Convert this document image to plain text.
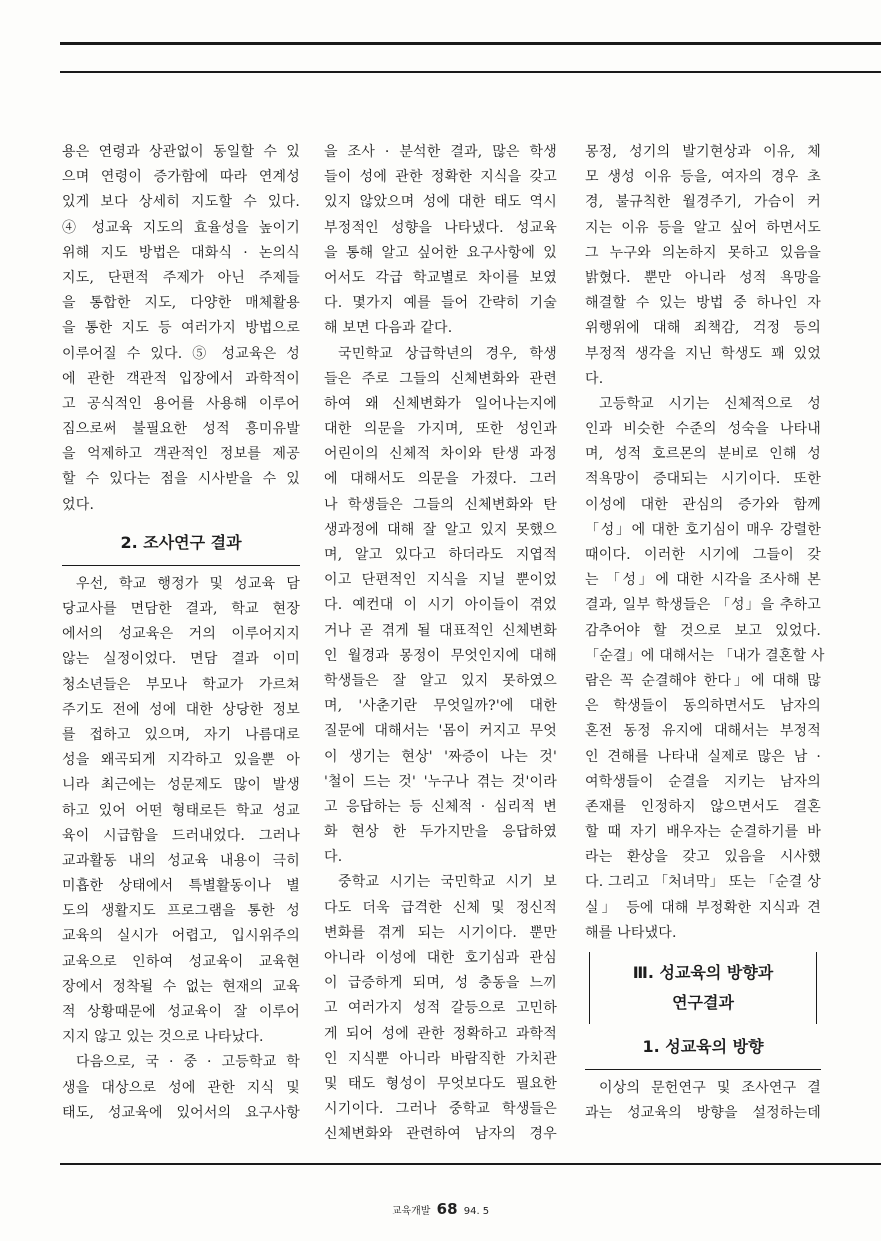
용은 연령과 상관없이 동일할 수 있
으며 연령이 증가함에 따라 연계성
있게 보다 상세히 지도할 수 있다.
④ 성교육 지도의 효율성을 높이기
위해 지도 방법은 대화식 · 논의식
지도, 단편적 주제가 아닌 주제들
을 통합한 지도, 다양한 매체활용
을 통한 지도 등 여러가지 방법으로
이루어질 수 있다. ⑤ 성교육은 성
에 관한 객관적 입장에서 과학적이
고 공식적인 용어를 사용해 이루어
짐으로써 불필요한 성적 흥미유발
을 억제하고 객관적인 정보를 제공
할 수 있다는 점을 시사받을 수 있
었다.
2. 조사연구 결과
우선, 학교 행정가 및 성교육 담
당교사를 면담한 결과, 학교 현장
에서의 성교육은 거의 이루어지지
않는 실정이었다. 면담 결과 이미
청소년들은 부모나 학교가 가르쳐
주기도 전에 성에 대한 상당한 정보
를 접하고 있으며, 자기 나름대로
성을 왜곡되게 지각하고 있을뿐 아
니라 최근에는 성문제도 많이 발생
하고 있어 어떤 형태로든 학교 성교
육이 시급함을 드러내었다. 그러나
교과활동 내의 성교육 내용이 극히
미흡한 상태에서 특별활동이나 별
도의 생활지도 프로그램을 통한 성
교육의 실시가 어렵고, 입시위주의
교육으로 인하여 성교육이 교육현
장에서 정착될 수 없는 현재의 교육
적 상황때문에 성교육이 잘 이루어
지지 않고 있는 것으로 나타났다.
다음으로, 국 · 중 · 고등학교 학
생을 대상으로 성에 관한 지식 및
태도, 성교육에 있어서의 요구사항
을 조사 · 분석한 결과, 많은 학생
들이 성에 관한 정확한 지식을 갖고
있지 않았으며 성에 대한 태도 역시
부정적인 성향을 나타냈다. 성교육
을 통해 알고 싶어한 요구사항에 있
어서도 각급 학교별로 차이를 보였
다. 몇가지 예를 들어 간략히 기술
해 보면 다음과 같다.
국민학교 상급학년의 경우, 학생
들은 주로 그들의 신체변화와 관련
하여 왜 신체변화가 일어나는지에
대한 의문을 가지며, 또한 성인과
어린이의 신체적 차이와 탄생 과정
에 대해서도 의문을 가졌다. 그러
나 학생들은 그들의 신체변화와 탄
생과정에 대해 잘 알고 있지 못했으
며, 알고 있다고 하더라도 지엽적
이고 단편적인 지식을 지닐 뿐이었
다. 예컨대 이 시기 아이들이 겪었
거나 곧 겪게 될 대표적인 신체변화
인 월경과 몽정이 무엇인지에 대해
학생들은 잘 알고 있지 못하였으
며, '사춘기란 무엇일까?'에 대한
질문에 대해서는 '몸이 커지고 무엇
이 생기는 현상' '짜증이 나는 것'
'철이 드는 것' '누구나 겪는 것'이라
고 응답하는 등 신체적 · 심리적 변
화 현상 한 두가지만을 응답하였
다.
중학교 시기는 국민학교 시기 보
다도 더욱 급격한 신체 및 정신적
변화를 겪게 되는 시기이다. 뿐만
아니라 이성에 대한 호기심과 관심
이 급증하게 되며, 성 충동을 느끼
고 여러가지 성적 갈등으로 고민하
게 되어 성에 관한 정확하고 과학적
인 지식뿐 아니라 바람직한 가치관
및 태도 형성이 무엇보다도 필요한
시기이다. 그러나 중학교 학생들은
신체변화와 관련하여 남자의 경우
몽정, 성기의 발기현상과 이유, 체
모 생성 이유 등을, 여자의 경우 초
경, 불규칙한 월경주기, 가슴이 커
지는 이유 등을 알고 싶어 하면서도
그 누구와 의논하지 못하고 있음을
밝혔다. 뿐만 아니라 성적 욕망을
해결할 수 있는 방법 중 하나인 자
위행위에 대해 죄책감, 걱정 등의
부정적 생각을 지닌 학생도 꽤 있었
다.
고등학교 시기는 신체적으로 성
인과 비슷한 수준의 성숙을 나타내
며, 성적 호르몬의 분비로 인해 성
적욕망이 증대되는 시기이다. 또한
이성에 대한 관심의 증가와 함께
「성」에 대한 호기심이 매우 강렬한
때이다. 이러한 시기에 그들이 갖
는 「성」에 대한 시각을 조사해 본
결과, 일부 학생들은 「성」을 추하고
감추어야 할 것으로 보고 있었다.
「순결」에 대해서는 「내가 결혼할 사
람은 꼭 순결해야 한다」에 대해 많
은 학생들이 동의하면서도 남자의
혼전 동정 유지에 대해서는 부정적
인 견해를 나타내 실제로 많은 남 ·
여학생들이 순결을 지키는 남자의
존재를 인정하지 않으면서도 결혼
할 때 자기 배우자는 순결하기를 바
라는 환상을 갖고 있음을 시사했
다. 그리고 「처녀막」 또는 「순결 상
실」 등에 대해 부정확한 지식과 견
해를 나타냈다.
Ⅲ. 성교육의 방향과
연구결과
1. 성교육의 방향
이상의 문헌연구 및 조사연구 결
과는 성교육의 방향을 설정하는데
교육개발 68 94. 5
